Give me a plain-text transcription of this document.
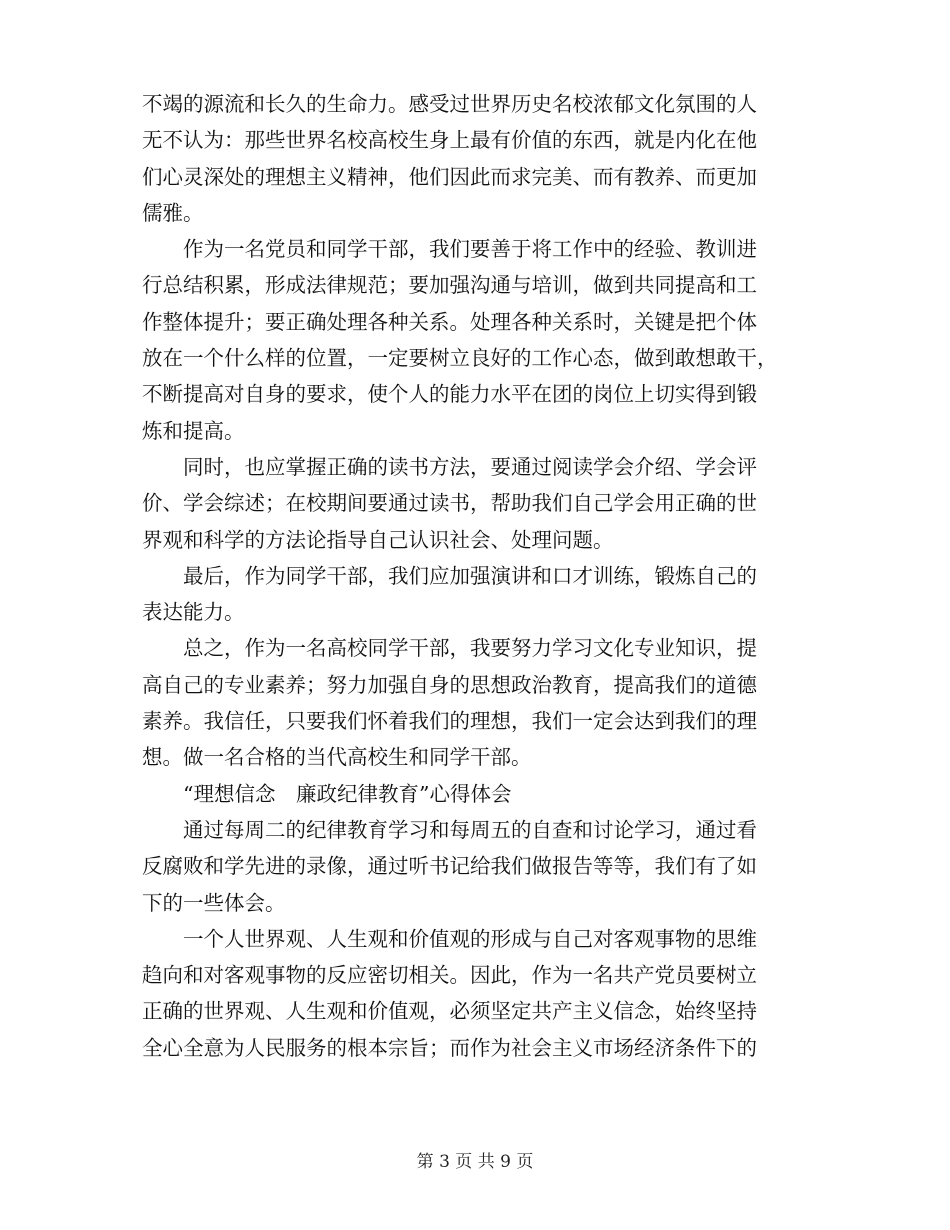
不竭的源流和长久的生命力。感受过世界历史名校浓郁文化氛围的人
无不认为：那些世界名校高校生身上最有价值的东西，就是内化在他
们心灵深处的理想主义精神，他们因此而求完美、而有教养、而更加
儒雅。
　　作为一名党员和同学干部，我们要善于将工作中的经验、教训进
行总结积累，形成法律规范；要加强沟通与培训，做到共同提高和工
作整体提升；要正确处理各种关系。处理各种关系时，关键是把个体
放在一个什么样的位置，一定要树立良好的工作心态，做到敢想敢干，
不断提高对自身的要求，使个人的能力水平在团的岗位上切实得到锻
炼和提高。
　　同时，也应掌握正确的读书方法，要通过阅读学会介绍、学会评
价、学会综述；在校期间要通过读书，帮助我们自己学会用正确的世
界观和科学的方法论指导自己认识社会、处理问题。
　　最后，作为同学干部，我们应加强演讲和口才训练，锻炼自己的
表达能力。
　　总之，作为一名高校同学干部，我要努力学习文化专业知识，提
高自己的专业素养；努力加强自身的思想政治教育，提高我们的道德
素养。我信任，只要我们怀着我们的理想，我们一定会达到我们的理
想。做一名合格的当代高校生和同学干部。
　　“理想信念　廉政纪律教育”心得体会
　　通过每周二的纪律教育学习和每周五的自查和讨论学习，通过看
反腐败和学先进的录像，通过听书记给我们做报告等等，我们有了如
下的一些体会。
　　一个人世界观、人生观和价值观的形成与自己对客观事物的思维
趋向和对客观事物的反应密切相关。因此，作为一名共产党员要树立
正确的世界观、人生观和价值观，必须坚定共产主义信念，始终坚持
全心全意为人民服务的根本宗旨；而作为社会主义市场经济条件下的
第 3 页 共 9 页
